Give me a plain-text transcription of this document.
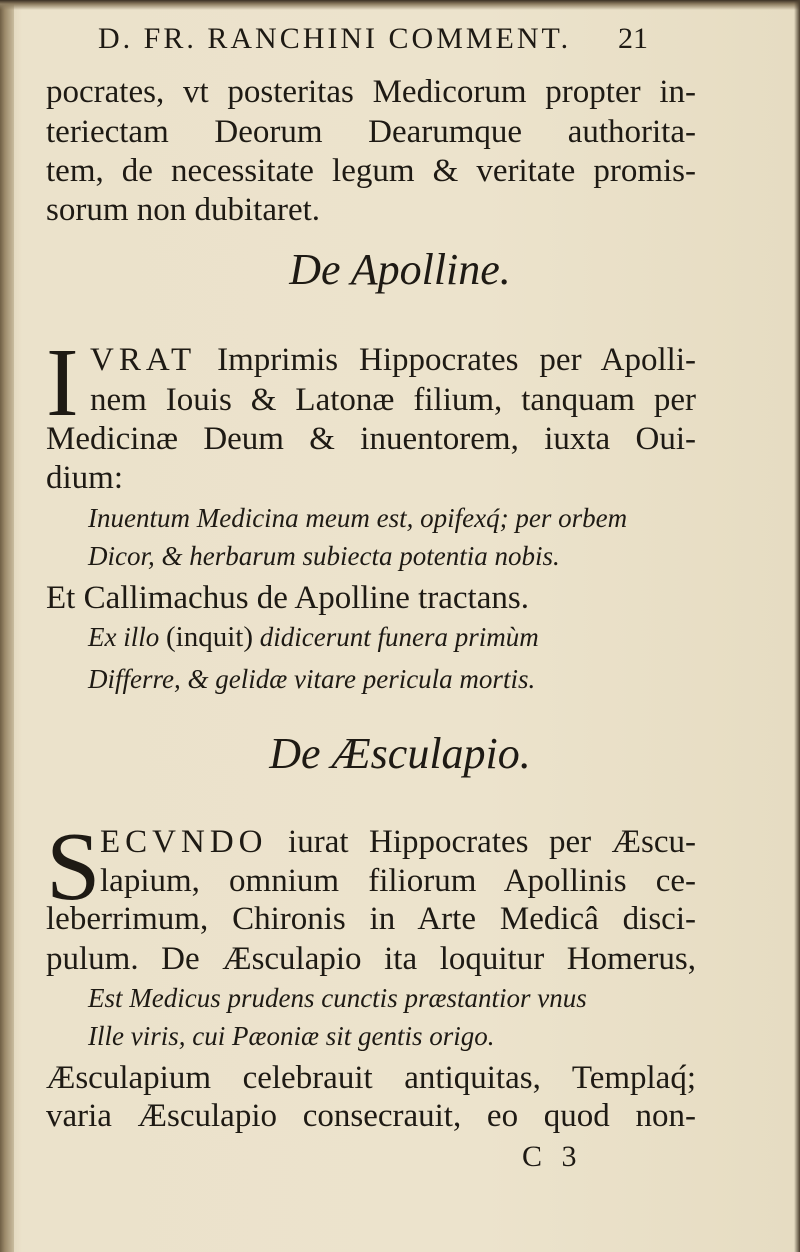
D. FR. RANCHINI COMMENT.	21
pocrates, vt posteritas Medicorum propter in-
teriectam Deorum Dearumque authorita-
tem, de necessitate legum & veritate promis-
sorum non dubitaret.
De Apolline.
I VRAT Imprimis Hippocrates per Apolli-
nem Iouis & Latonæ filium, tanquam per
Medicinæ Deum & inuentorem, iuxta Oui-
dium:
Inuentum Medicina meum est, opifexq́; per orbem
Dicor, & herbarum subiecta potentia nobis.
Et Callimachus de Apolline tractans.
Ex illo (inquit) didicerunt funera primùm
Differre, & gelidæ vitare pericula mortis.
De Æsculapio.
S ECVNDO iurat Hippocrates per Æscu-
lapium, omnium filiorum Apollinis ce-
leberrimum, Chironis in Arte Medicâ disci-
pulum. De Æsculapio ita loquitur Homerus,
Est Medicus prudens cunctis præstantior vnus
Ille viris, cui Pæoniæ sit gentis origo.
Æsculapium celebrauit antiquitas, Templaq́;
varia Æsculapio consecrauit, eo quod non-
C 3
